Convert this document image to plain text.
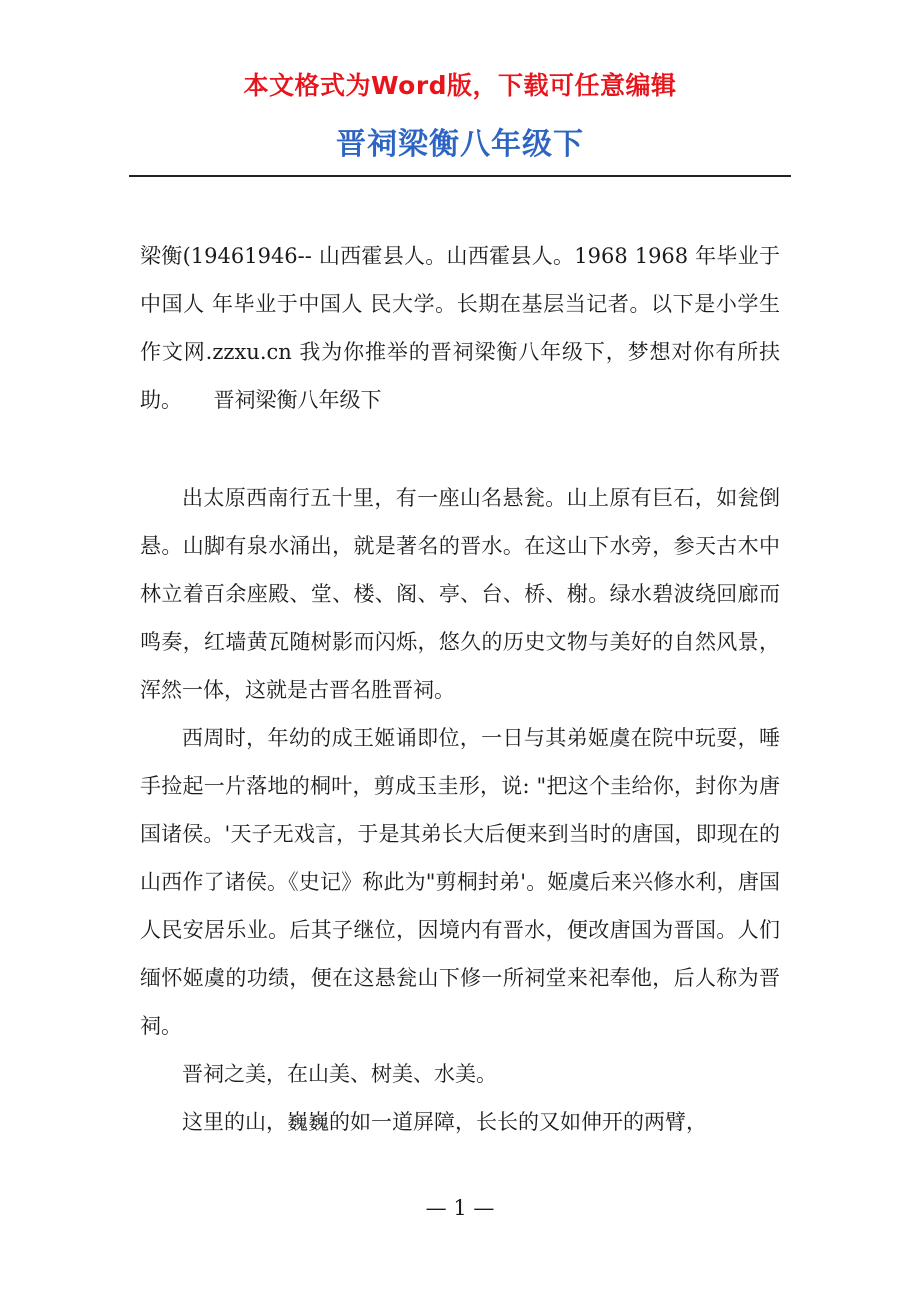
本文格式为Word版，下载可任意编辑
晋祠梁衡八年级下

梁衡(19461946-- 山西霍县人。山西霍县人。1968 1968 年毕业于中国人 年毕业于中国人 民大学。长期在基层当记者。以下是小学生作文网.zzxu.cn 我为你推举的晋祠梁衡八年级下，梦想对你有所扶助。　　晋祠梁衡八年级下

出太原西南行五十里，有一座山名悬瓮。山上原有巨石，如瓮倒悬。山脚有泉水涌出，就是著名的晋水。在这山下水旁，参天古木中林立着百余座殿、堂、楼、阁、亭、台、桥、榭。绿水碧波绕回廊而鸣奏，红墙黄瓦随树影而闪烁，悠久的历史文物与美好的自然风景，浑然一体，这就是古晋名胜晋祠。

西周时，年幼的成王姬诵即位，一日与其弟姬虞在院中玩耍，唾手捡起一片落地的桐叶，剪成玉圭形，说: "把这个圭给你，封你为唐国诸侯。'天子无戏言，于是其弟长大后便来到当时的唐国，即现在的山西作了诸侯。《史记》称此为"剪桐封弟'。姬虞后来兴修水利，唐国人民安居乐业。后其子继位，因境内有晋水，便改唐国为晋国。人们缅怀姬虞的功绩，便在这悬瓮山下修一所祠堂来祀奉他，后人称为晋祠。

晋祠之美，在山美、树美、水美。

这里的山，巍巍的如一道屏障，长长的又如伸开的两臂，

— 1 —
